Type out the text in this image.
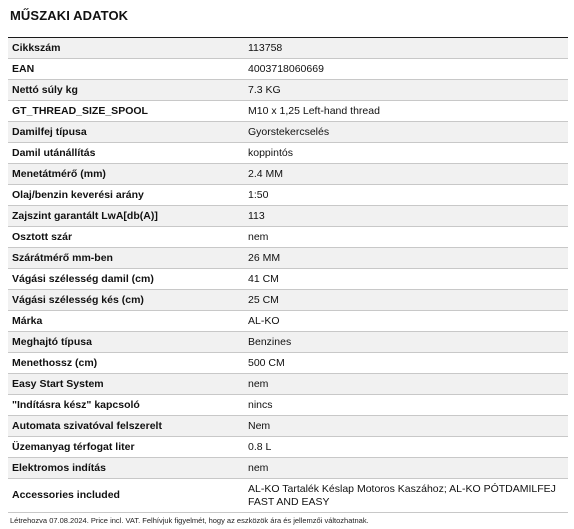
MŰSZAKI ADATOK
Cikkszám	113758
EAN	4003718060669
Nettó súly kg	7.3 KG
GT_THREAD_SIZE_SPOOL	M10 x 1,25 Left-hand thread
Damilfej típusa	Gyorstekercselés
Damil utánállítás	koppintós
Menetátmérő (mm)	2.4 MM
Olaj/benzin keverési arány	1:50
Zajszint garantált LwA[db(A)]	113
Osztott szár	nem
Szárátmérő mm-ben	26 MM
Vágási szélesség damil (cm)	41 CM
Vágási szélesség kés (cm)	25 CM
Márka	AL-KO
Meghajtó típusa	Benzines
Menethossz (cm)	500 CM
Easy Start System	nem
"Indításra kész" kapcsoló	nincs
Automata szivatóval felszerelt	Nem
Üzemanyag térfogat liter	0.8 L
Elektromos indítás	nem
Accessories included	AL-KO Tartalék Késlap Motoros Kaszához; AL-KO PÓTDAMILFEJ FAST AND EASY
Létrehozva 07.08.2024. Price incl. VAT. Felhívjuk figyelmét, hogy az eszközök ára és jellemzői változhatnak.
